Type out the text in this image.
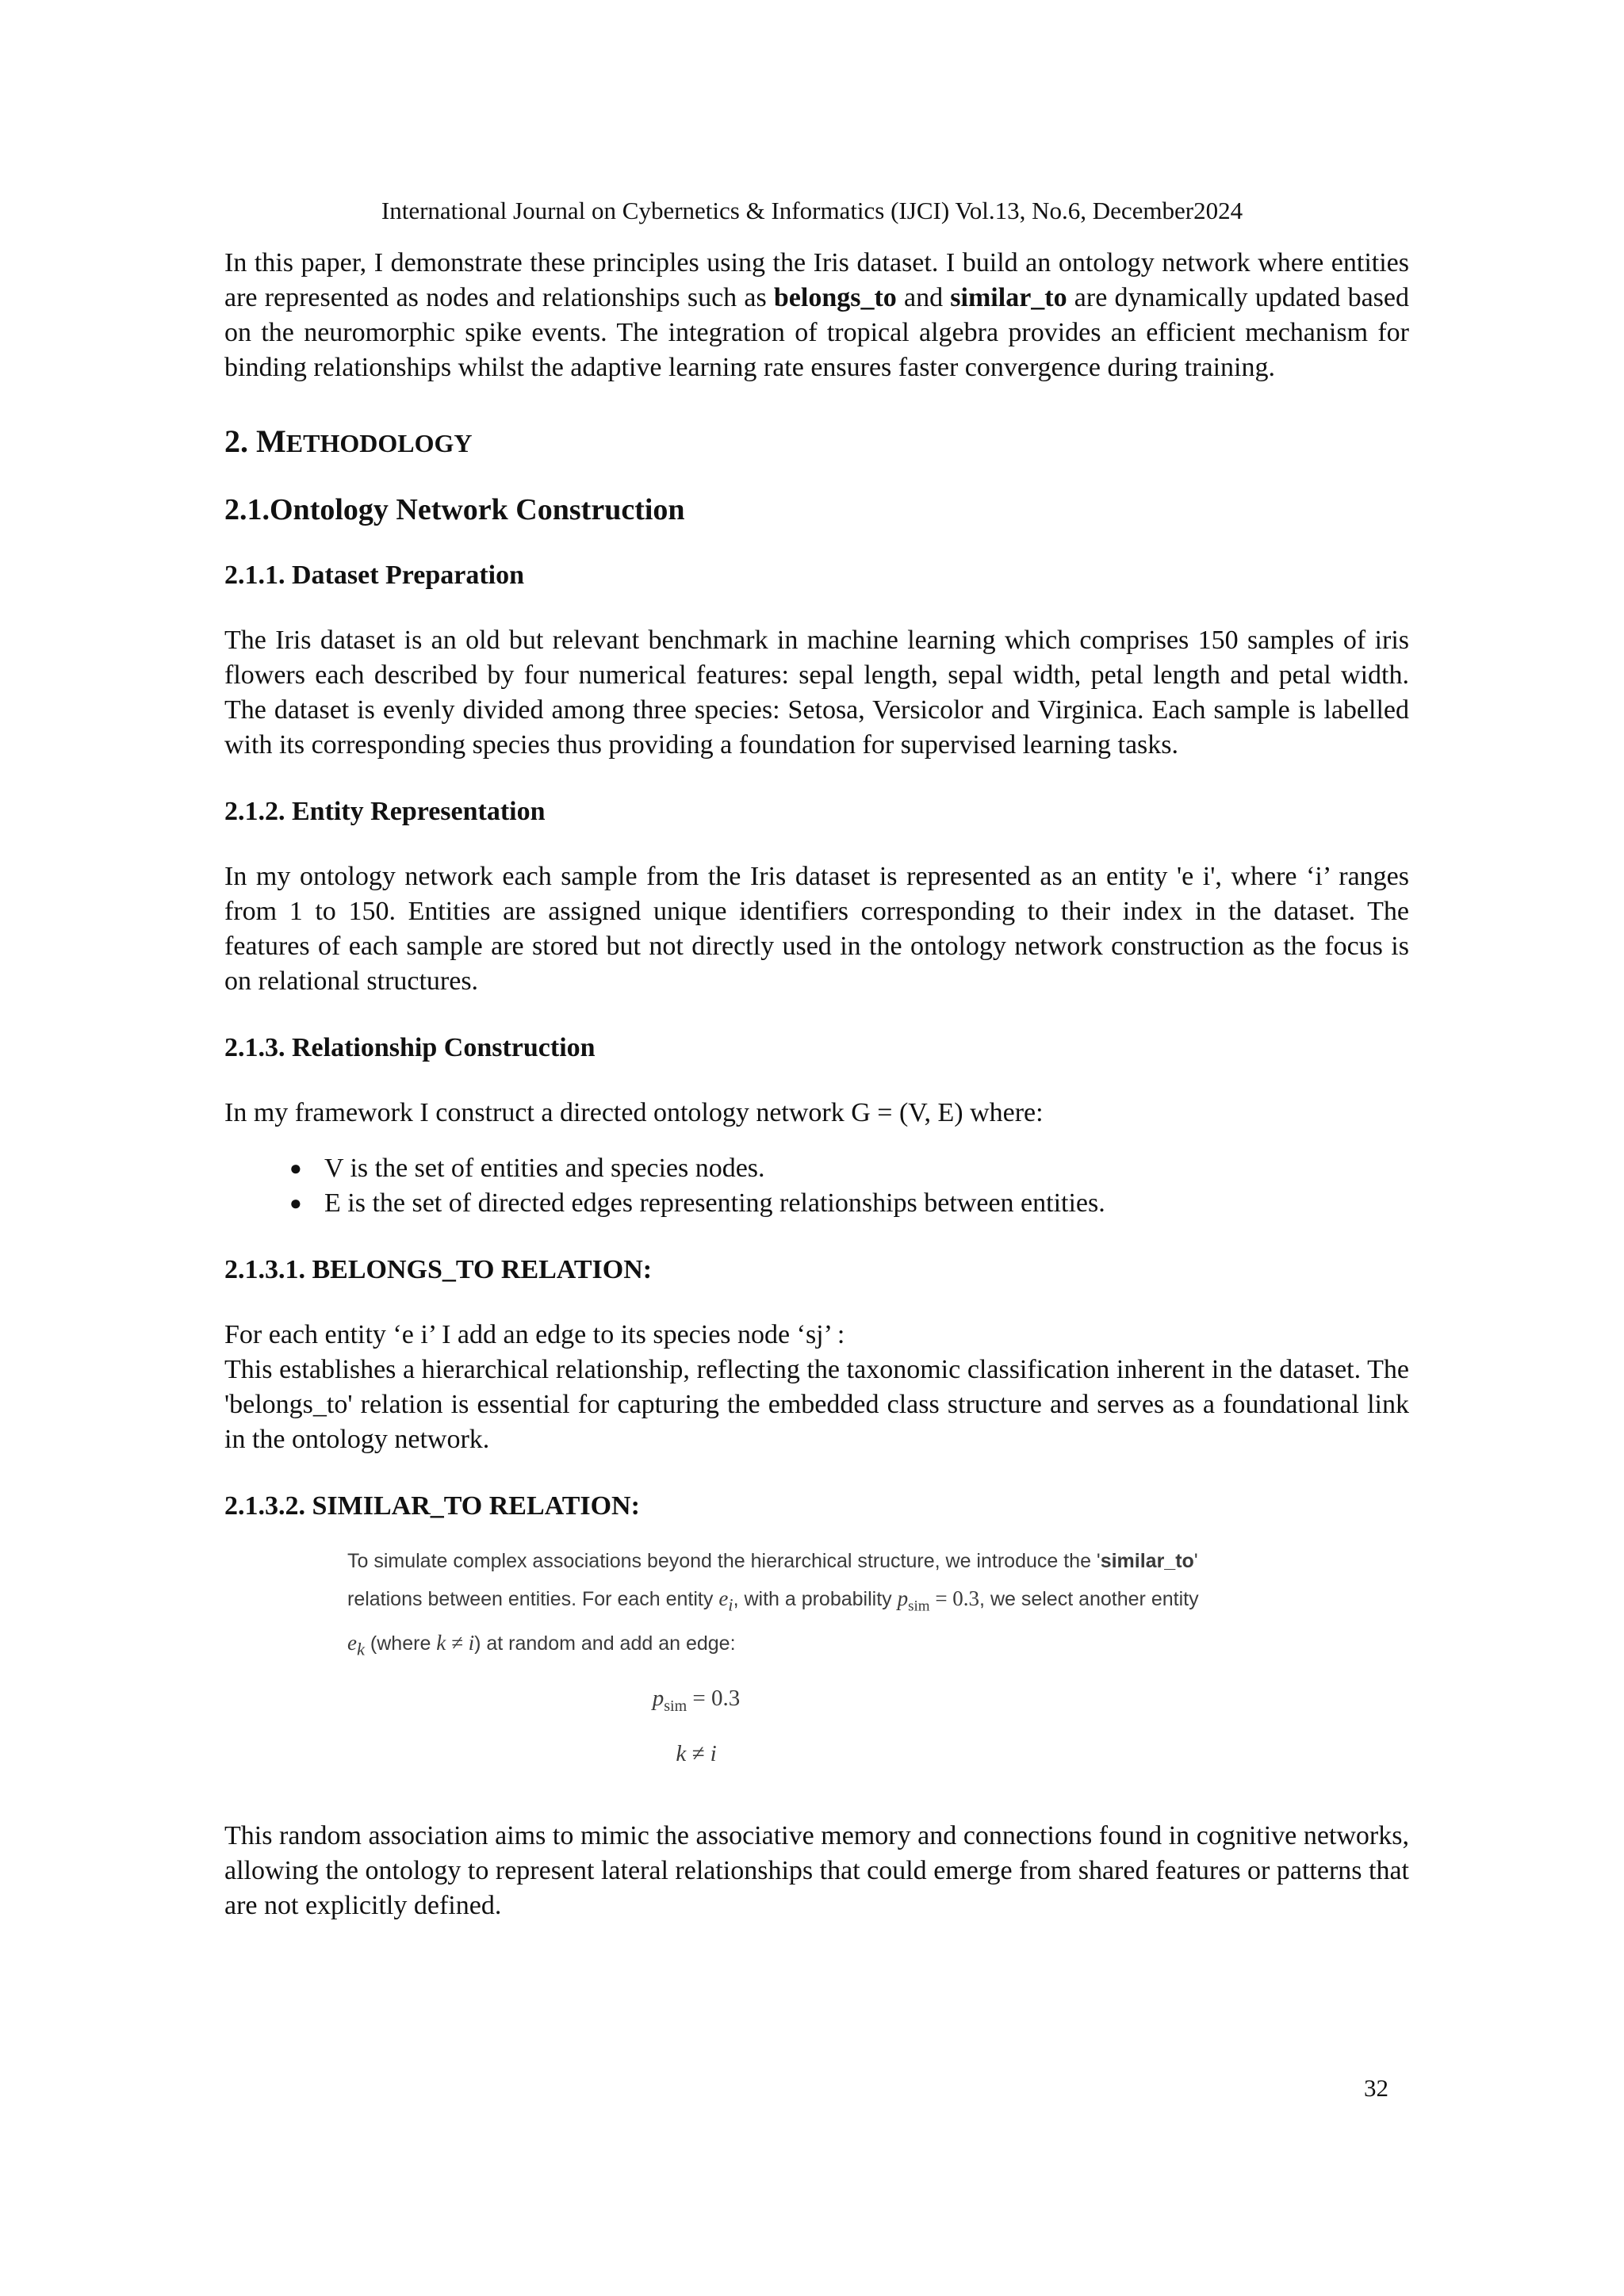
International Journal on Cybernetics & Informatics (IJCI) Vol.13, No.6, December2024

In this paper, I demonstrate these principles using the Iris dataset. I build an ontology network where entities are represented as nodes and relationships such as belongs_to and similar_to are dynamically updated based on the neuromorphic spike events. The integration of tropical algebra provides an efficient mechanism for binding relationships whilst the adaptive learning rate ensures faster convergence during training.

2. METHODOLOGY
2.1.Ontology Network Construction
2.1.1. Dataset Preparation

The Iris dataset is an old but relevant benchmark in machine learning which comprises 150 samples of iris flowers each described by four numerical features: sepal length, sepal width, petal length and petal width. The dataset is evenly divided among three species: Setosa, Versicolor and Virginica. Each sample is labelled with its corresponding species thus providing a foundation for supervised learning tasks.

2.1.2. Entity Representation

In my ontology network each sample from the Iris dataset is represented as an entity 'e i', where ‘i’ ranges from 1 to 150. Entities are assigned unique identifiers corresponding to their index in the dataset. The features of each sample are stored but not directly used in the ontology network construction as the focus is on relational structures.

2.1.3. Relationship Construction

In my framework I construct a directed ontology network G = (V, E) where:

● V is the set of entities and species nodes.
● E is the set of directed edges representing relationships between entities.
2.1.3.1. BELONGS_TO RELATION:

For each entity ‘e i’ I add an edge to its species node ‘sj’ :

This establishes a hierarchical relationship, reflecting the taxonomic classification inherent in the dataset. The 'belongs_to' relation is essential for capturing the embedded class structure and serves as a foundational link in the ontology network.

2.1.3.2. SIMILAR_TO RELATION:
To simulate complex associations beyond the hierarchical structure, we introduce the 'similar_to'
relations between entities. For each entity $e_i$, with a probability $p_{sim} = 0.3$, we select another entity
$e_k$ (where k ≠ i) at random and add an edge:
$p_{sim} = 0.3$
k ≠ i

This random association aims to mimic the associative memory and connections found in cognitive networks, allowing the ontology to represent lateral relationships that could emerge from shared features or patterns that are not explicitly defined.

32
